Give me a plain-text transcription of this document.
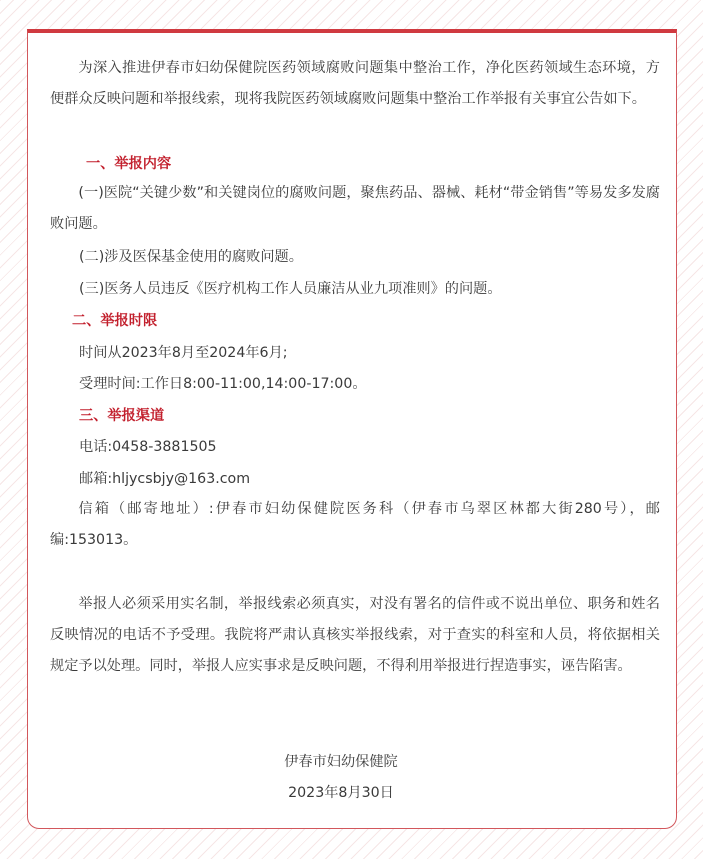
为深入推进伊春市妇幼保健院医药领域腐败问题集中整治工作，净化医药领域生态环境，方便群众反映问题和举报线索，现将我院医药领域腐败问题集中整治工作举报有关事宜公告如下。

一、举报内容

(一)医院“关键少数”和关键岗位的腐败问题，聚焦药品、器械、耗材“带金销售”等易发多发腐败问题。

(二)涉及医保基金使用的腐败问题。

(三)医务人员违反《医疗机构工作人员廉洁从业九项准则》的问题。

二、举报时限

时间从2023年8月至2024年6月;

受理时间:工作日8:00-11:00,14:00-17:00。

三、举报渠道

电话:0458-3881505

邮箱:hljycsbjy@163.com

信箱（邮寄地址）:伊春市妇幼保健院医务科（伊春市乌翠区林都大街280号），邮编:153013。

举报人必须采用实名制，举报线索必须真实，对没有署名的信件或不说出单位、职务和姓名反映情况的电话不予受理。我院将严肃认真核实举报线索，对于查实的科室和人员，将依据相关规定予以处理。同时，举报人应实事求是反映问题，不得利用举报进行捏造事实，诬告陷害。

伊春市妇幼保健院

2023年8月30日
